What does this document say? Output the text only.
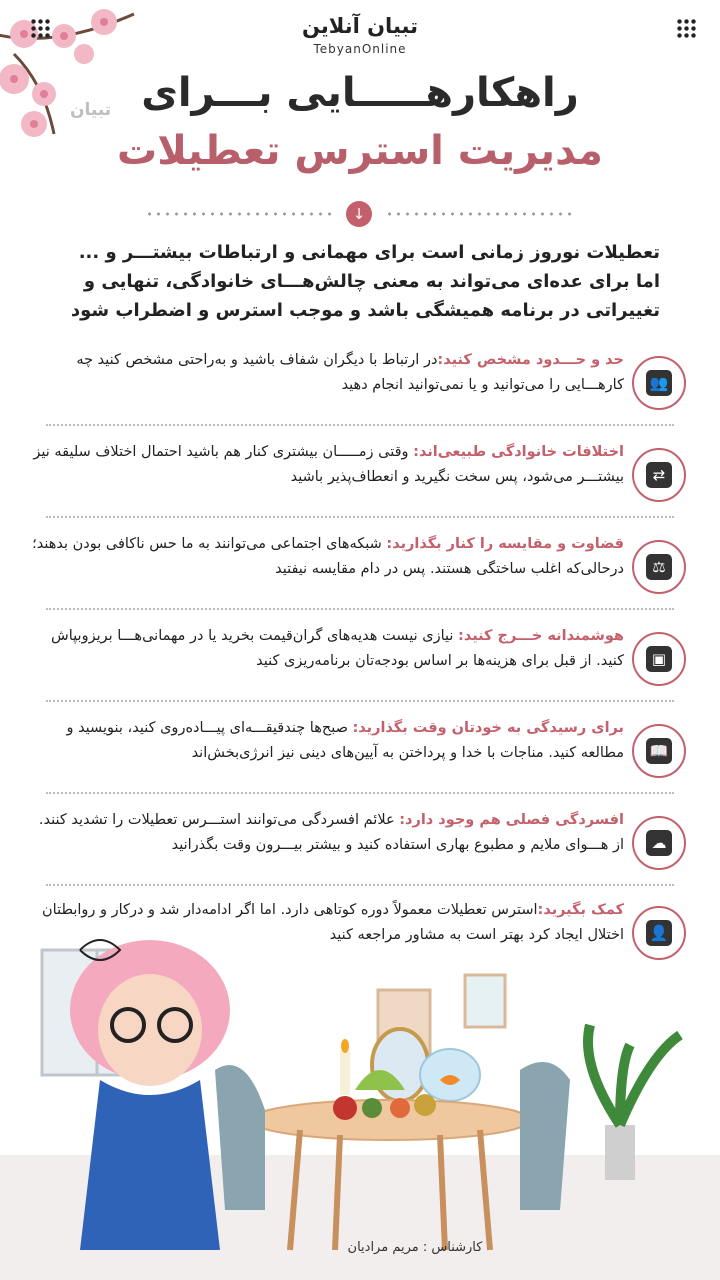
تبیان
تبیان آنلاین
TebyanOnline
راهکارهـــــایی بـــرای
مدیریت استرس تعطیلات
↓
تعطیلات نوروز زمانی است برای مهمانی و ارتباطات بیشتـــر و ... اما برای عده‌ای می‌تواند به معنی چالش‌هـــای خانوادگی، تنهایی و تغییراتی در برنامه همیشگی باشد و موجب استرس و اضطراب شود
👥
حد و حـــدود مشخص کنید:در ارتباط با دیگران شفاف باشید و به‌راحتی مشخص کنید چه کارهـــایی را می‌توانید و یا نمی‌توانید انجام دهید
⇄
اختلافات خانوادگی طبیعی‌اند: وقتی زمـــــان بیشتری کنار هم باشید احتمال اختلاف سلیقه نیز بیشتـــر می‌شود، پس سخت نگیرید و انعطاف‌پذیر باشید
⚖
قضاوت و مقایسه را کنار بگذارید: شبکه‌های اجتماعی می‌توانند به ما حس ناکافی بودن بدهند؛ درحالی‌که اغلب ساختگی هستند. پس در دام مقایسه نیفتید
▣
هوشمندانه خـــرج کنید: نیازی نیست هدیه‌های گران‌قیمت بخرید یا در مهمانی‌هـــا بریزوبپاش کنید. از قبل برای هزینه‌ها بر اساس بودجه‌تان برنامه‌ریزی کنید
📖
برای رسیدگی به خودتان وقت بگذارید: صبح‌ها چندقیقـــه‌ای پیـــاده‌روی کنید، بنویسید و مطالعه کنید. مناجات با خدا و پرداختن به آیین‌های دینی نیز انرژی‌بخش‌اند
☁
افسردگی فصلی هم وجود دارد: علائم افسردگی می‌توانند استـــرس تعطیلات را تشدید کنند. از هـــوای ملایم و مطبوع بهاری استفاده کنید و بیشتر بیـــرون وقت بگذرانید
👤
کمک بگیرید:استرس تعطیلات معمولاً دوره کوتاهی دارد. اما اگر ادامه‌دار شد و درکار و روابطتان اختلال ایجاد کرد بهتر است به مشاور مراجعه کنید
کارشناس : مریم مرادیان
